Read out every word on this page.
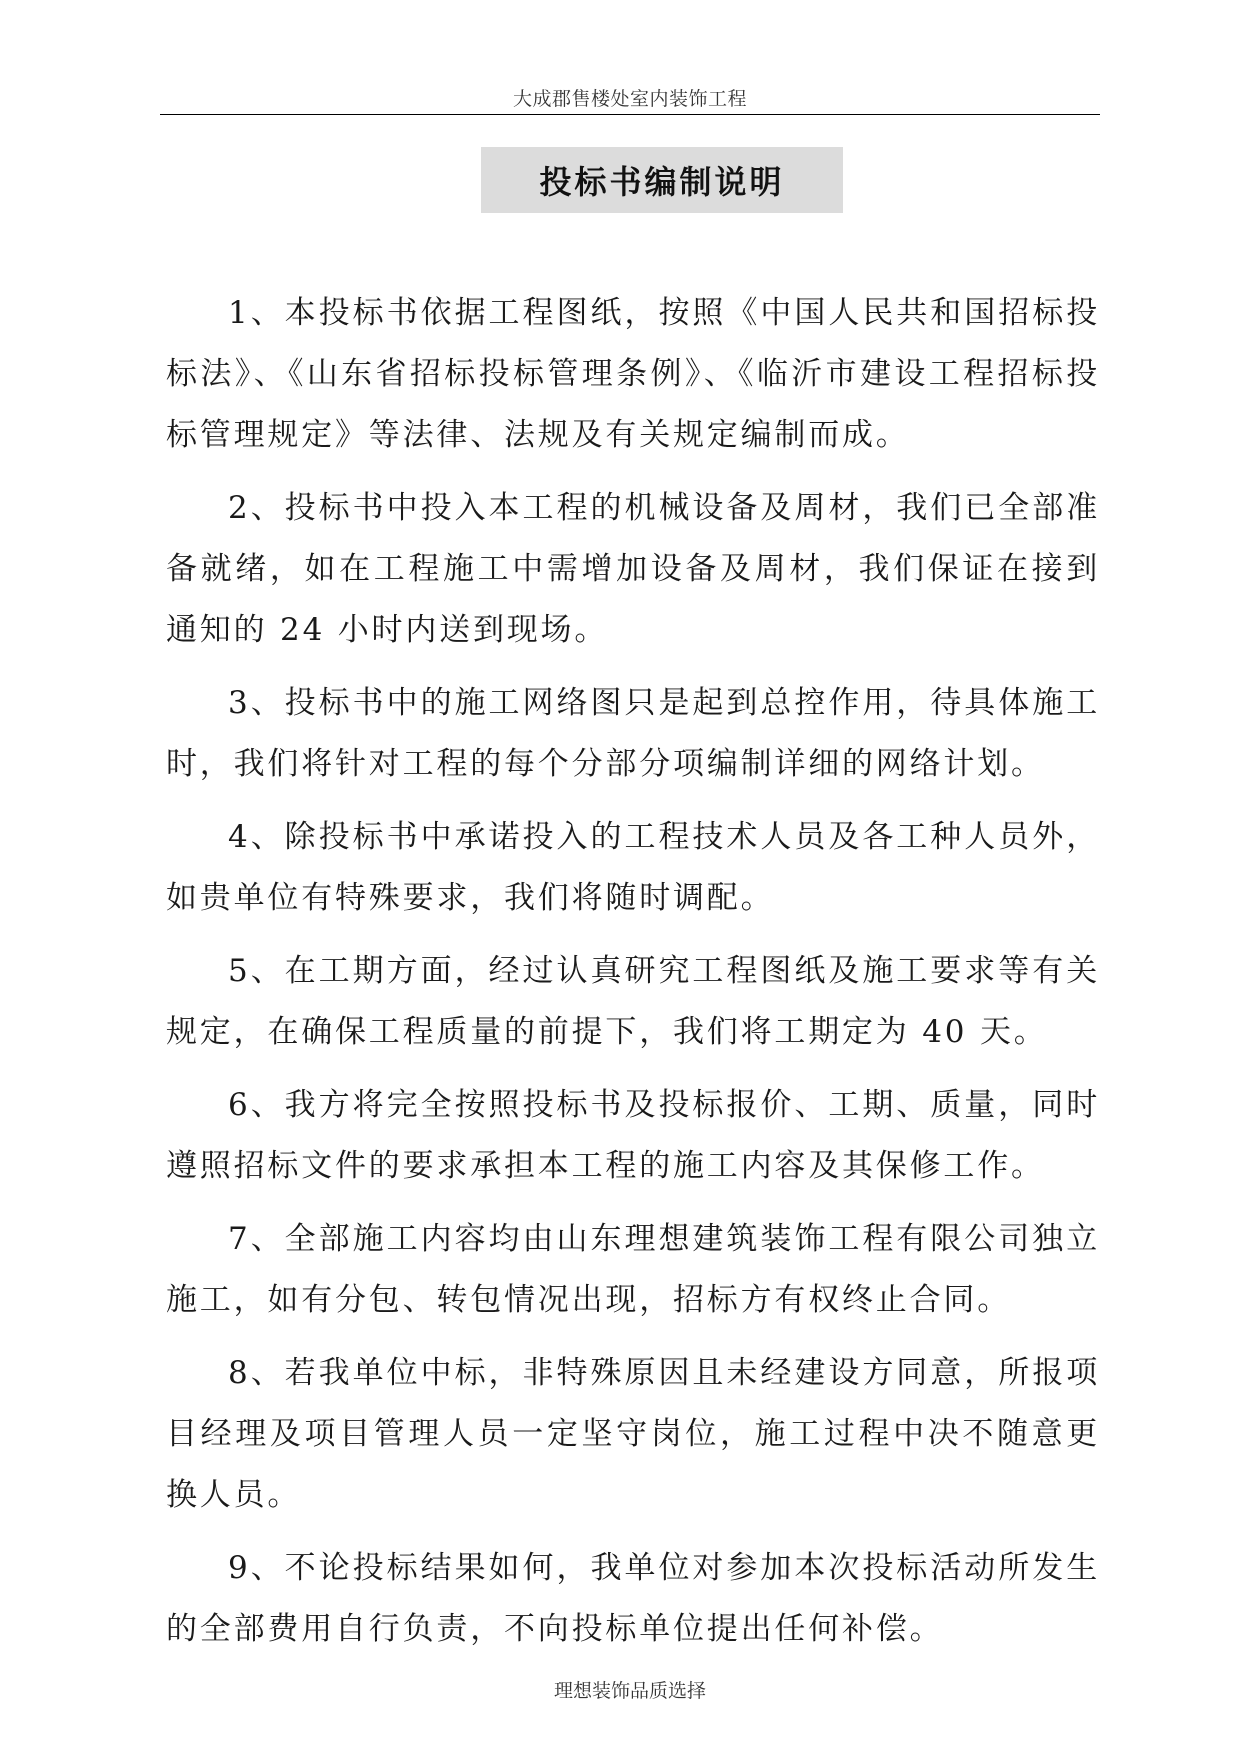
大成郡售楼处室内装饰工程
投标书编制说明

1、本投标书依据工程图纸，按照《中国人民共和国招标投标法》、《山东省招标投标管理条例》、《临沂市建设工程招标投标管理规定》等法律、法规及有关规定编制而成。

2、投标书中投入本工程的机械设备及周材，我们已全部准备就绪，如在工程施工中需增加设备及周材，我们保证在接到通知的 24 小时内送到现场。

3、投标书中的施工网络图只是起到总控作用，待具体施工时，我们将针对工程的每个分部分项编制详细的网络计划。

4、除投标书中承诺投入的工程技术人员及各工种人员外，如贵单位有特殊要求，我们将随时调配。

5、在工期方面，经过认真研究工程图纸及施工要求等有关规定，在确保工程质量的前提下，我们将工期定为 40 天。

6、我方将完全按照投标书及投标报价、工期、质量，同时遵照招标文件的要求承担本工程的施工内容及其保修工作。

7、全部施工内容均由山东理想建筑装饰工程有限公司独立施工，如有分包、转包情况出现，招标方有权终止合同。

8、若我单位中标，非特殊原因且未经建设方同意，所报项目经理及项目管理人员一定坚守岗位，施工过程中决不随意更换人员。

9、不论投标结果如何，我单位对参加本次投标活动所发生的全部费用自行负责，不向投标单位提出任何补偿。

理想装饰品质选择
